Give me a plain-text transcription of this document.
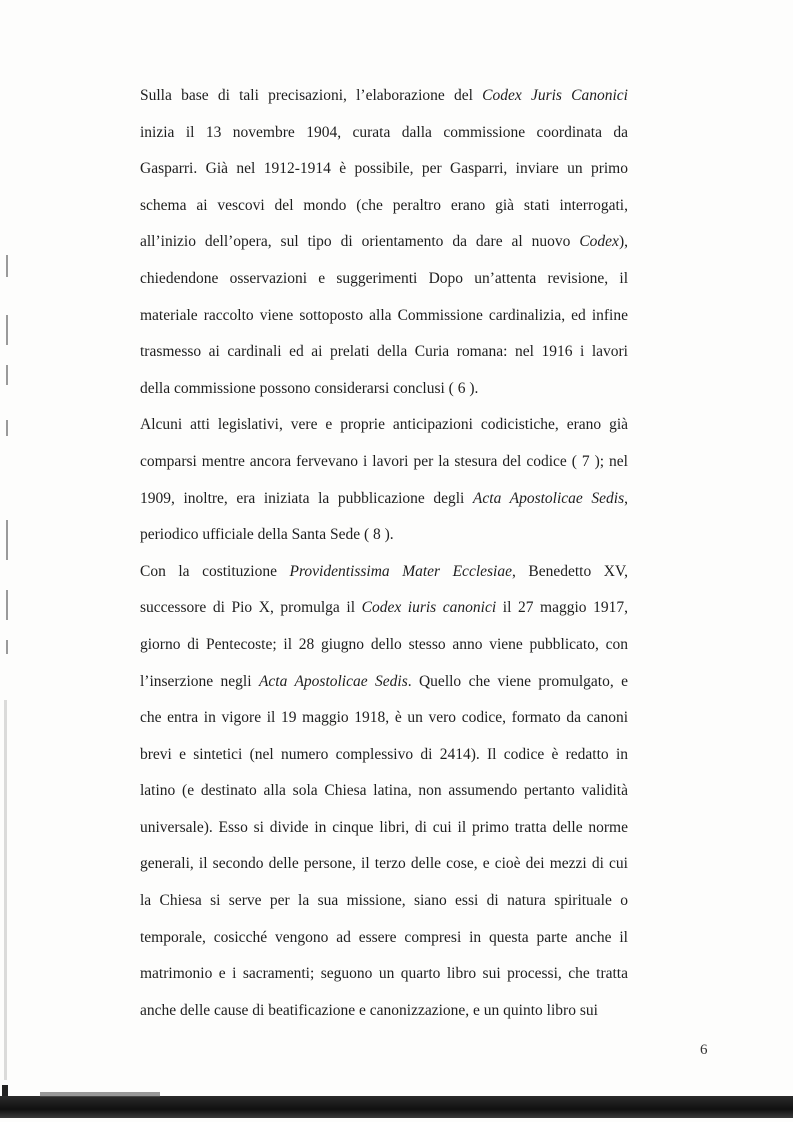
Sulla base di tali precisazioni, l’elaborazione del Codex Juris Canonici
inizia il 13 novembre 1904, curata dalla commissione coordinata da
Gasparri. Già nel 1912-1914 è possibile, per Gasparri, inviare un primo
schema ai vescovi del mondo (che peraltro erano già stati interrogati,
all’inizio dell’opera, sul tipo di orientamento da dare al nuovo Codex),
chiedendone osservazioni e suggerimenti Dopo un’attenta revisione, il
materiale raccolto viene sottoposto alla Commissione cardinalizia, ed infine
trasmesso ai cardinali ed ai prelati della Curia romana: nel 1916 i lavori
della commissione possono considerarsi conclusi ( 6 ).
Alcuni atti legislativi, vere e proprie anticipazioni codicistiche, erano già
comparsi mentre ancora fervevano i lavori per la stesura del codice ( 7 ); nel
1909, inoltre, era iniziata la pubblicazione degli Acta Apostolicae Sedis,
periodico ufficiale della Santa Sede ( 8 ).
Con la costituzione Providentissima Mater Ecclesiae, Benedetto XV,
successore di Pio X, promulga il Codex iuris canonici il 27 maggio 1917,
giorno di Pentecoste; il 28 giugno dello stesso anno viene pubblicato, con
l’inserzione negli Acta Apostolicae Sedis. Quello che viene promulgato, e
che entra in vigore il 19 maggio 1918, è un vero codice, formato da canoni
brevi e sintetici (nel numero complessivo di 2414). Il codice è redatto in
latino (e destinato alla sola Chiesa latina, non assumendo pertanto validità
universale). Esso si divide in cinque libri, di cui il primo tratta delle norme
generali, il secondo delle persone, il terzo delle cose, e cioè dei mezzi di cui
la Chiesa si serve per la sua missione, siano essi di natura spirituale o
temporale, cosicché vengono ad essere compresi in questa parte anche il
matrimonio e i sacramenti; seguono un quarto libro sui processi, che tratta
anche delle cause di beatificazione e canonizzazione, e un quinto libro sui
6
